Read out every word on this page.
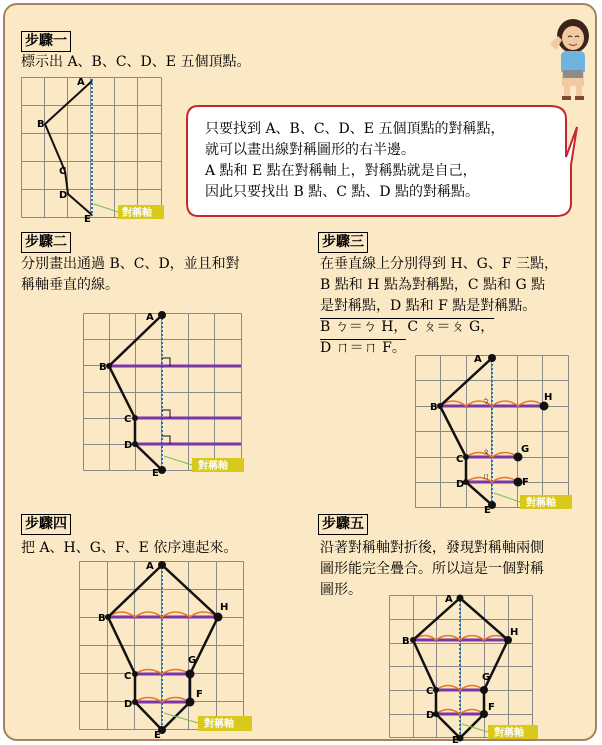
步驟一
標示出 A、B、C、D、E 五個頂點。
A
B
C
D
E
對稱軸
只要找到 A、B、C、D、E 五個頂點的對稱點，
就可以畫出線對稱圖形的右半邊。
A 點和 E 點在對稱軸上，對稱點就是自己，
因此只要找出 B 點、C 點、D 點的對稱點。
步驟二
分別畫出通過 B、C、D，並且和對
稱軸垂直的線。
A
B
C
D
E
對稱軸
步驟三
在垂直線上分別得到 H、G、F 三點，
B 點和 H 點為對稱點，C 點和 G 點
是對稱點，D 點和 F 點是對稱點。
B ㄅ＝ㄅ H，C ㄆ＝ㄆ G，
D ㄇ＝ㄇ F。
A
B
C
D
E
H
G
F
ㄅ
ㄆ
ㄇ
對稱軸
步驟四
把 A、H、G、F、E 依序連起來。
A
B
C
D
E
H
G
F
對稱軸
步驟五
沿著對稱軸對折後，發現對稱軸兩側
圖形能完全疊合。所以這是一個對稱
圖形。
A
B
C
D
E
H
G
F
對稱軸
